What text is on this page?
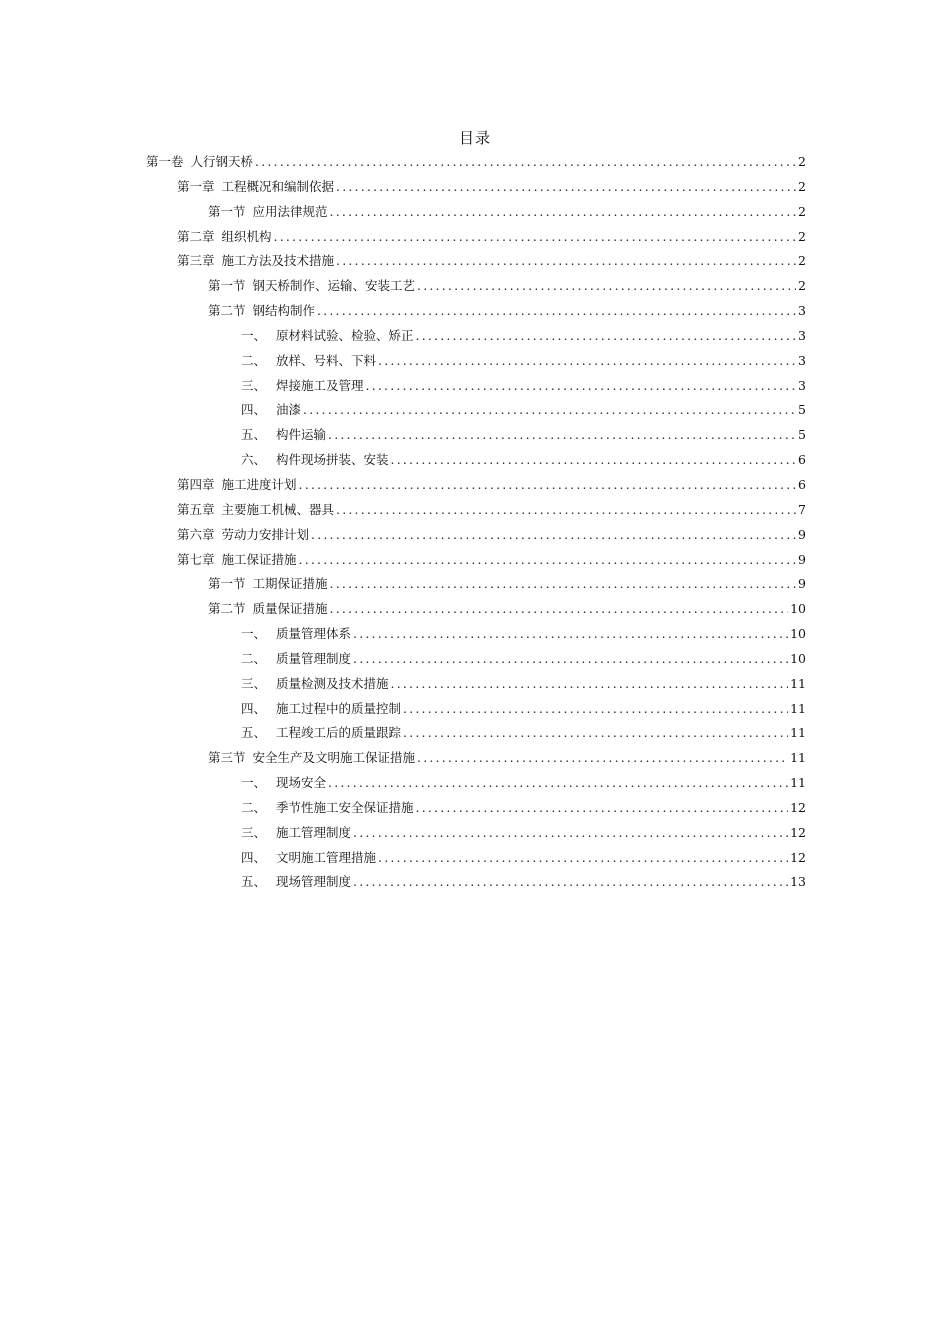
目录
第一卷 人行钢天桥 .....	2
第一章 工程概况和编制依据 .....	2
第一节 应用法律规范 .....	2
第二章 组织机构 .....	2
第三章 施工方法及技术措施 .....	2
第一节 钢天桥制作、运输、安装工艺 .....	2
第二节 钢结构制作 .....	3
一、 原材料试验、检验、矫正 .....	3
二、 放样、号料、下料 .....	3
三、 焊接施工及管理 .....	3
四、 油漆 .....	5
五、 构件运输 .....	5
六、 构件现场拼装、安装 .....	6
第四章 施工进度计划 .....	6
第五章 主要施工机械、器具 .....	7
第六章 劳动力安排计划 .....	9
第七章 施工保证措施 .....	9
第一节 工期保证措施 .....	9
第二节 质量保证措施 .....	10
一、 质量管理体系 .....	10
二、 质量管理制度 .....	10
三、 质量检测及技术措施 .....	11
四、 施工过程中的质量控制 .....	11
五、 工程竣工后的质量跟踪 .....	11
第三节 安全生产及文明施工保证措施 .....	11
一、 现场安全 .....	11
二、 季节性施工安全保证措施 .....	12
三、 施工管理制度 .....	12
四、 文明施工管理措施 .....	12
五、 现场管理制度 .....	13
